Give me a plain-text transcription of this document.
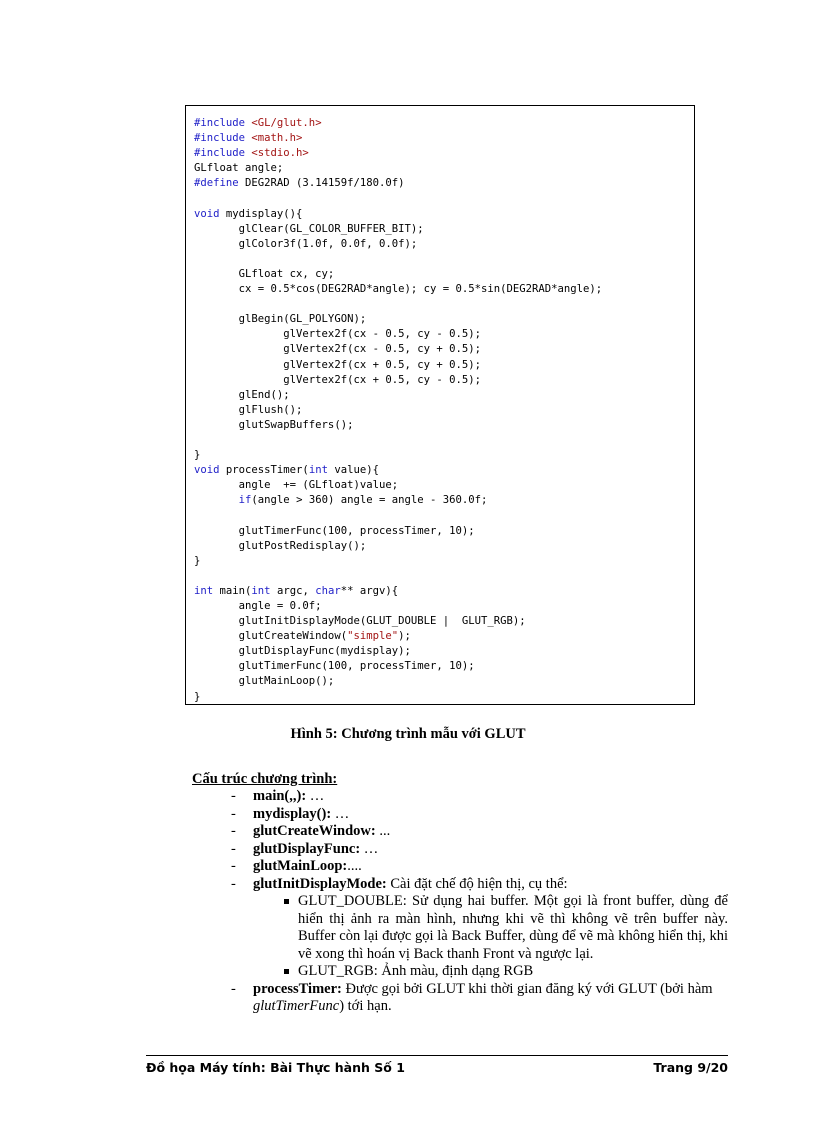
#include <GL/glut.h>
#include <math.h>
#include <stdio.h>
GLfloat angle;
#define DEG2RAD (3.14159f/180.0f)
void mydisplay(){
glClear(GL_COLOR_BUFFER_BIT);
glColor3f(1.0f, 0.0f, 0.0f);
GLfloat cx, cy;
cx = 0.5*cos(DEG2RAD*angle); cy = 0.5*sin(DEG2RAD*angle);
glBegin(GL_POLYGON);
glVertex2f(cx - 0.5, cy - 0.5);
glVertex2f(cx - 0.5, cy + 0.5);
glVertex2f(cx + 0.5, cy + 0.5);
glVertex2f(cx + 0.5, cy - 0.5);
glEnd();
glFlush();
glutSwapBuffers();
}
void processTimer(int value){
angle  += (GLfloat)value;
if(angle > 360) angle = angle - 360.0f;
glutTimerFunc(100, processTimer, 10);
glutPostRedisplay();
}
int main(int argc, char** argv){
angle = 0.0f;
glutInitDisplayMode(GLUT_DOUBLE |  GLUT_RGB);
glutCreateWindow("simple");
glutDisplayFunc(mydisplay);
glutTimerFunc(100, processTimer, 10);
glutMainLoop();
}
Hình 5: Chương trình mẫu với GLUT
Cấu trúc chương trình:
- main(,,): …
- mydisplay(): …
- glutCreateWindow: ...
- glutDisplayFunc: …
- glutMainLoop:....
- glutInitDisplayMode: Cài đặt chế độ hiện thị, cụ thể:
GLUT_DOUBLE: Sử dụng hai buffer. Một gọi là front buffer, dùng để hiển thị ảnh ra màn hình, nhưng khi vẽ thì không vẽ trên buffer này. Buffer còn lại được gọi là Back Buffer, dùng để vẽ mà không hiển thị, khi vẽ xong thì hoán vị Back thanh Front và ngược lại.
GLUT_RGB: Ảnh màu, định dạng RGB
- processTimer: Được gọi bởi GLUT khi thời gian đăng ký với GLUT (bởi hàm glutTimerFunc) tới hạn.
Đồ họa Máy tính: Bài Thực hành Số 1	Trang 9/20
